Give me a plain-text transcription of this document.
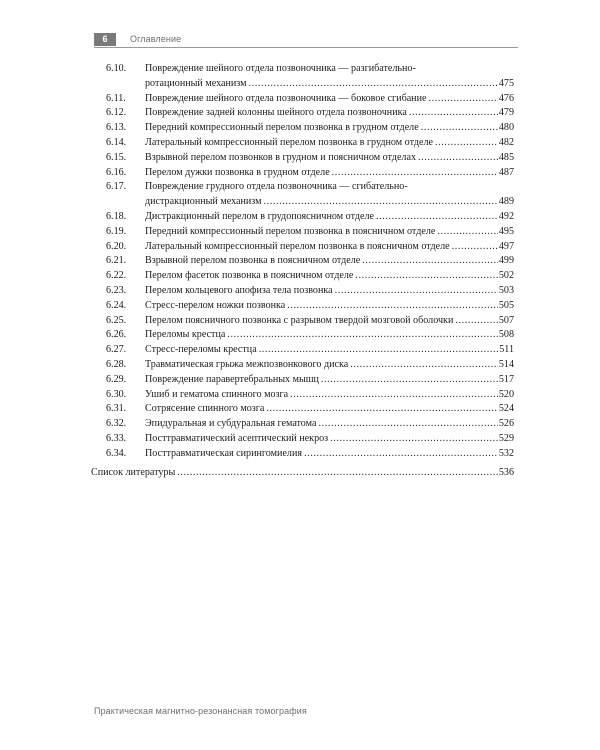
6	Оглавление
6.10. Повреждение шейного отдела позвоночника — разгибательно-
ротационный механизм .....	475
6.11. Повреждение шейного отдела позвоночника — боковое сгибание .....	476
6.12. Повреждение задней колонны шейного отдела позвоночника .....	479
6.13. Передний компрессионный перелом позвонка в грудном отделе .....	480
6.14. Латеральный компрессионный перелом позвонка в грудном отделе .....	482
6.15. Взрывной перелом позвонков в грудном и поясничном отделах .....	485
6.16. Перелом дужки позвонка в грудном отделе .....	487
6.17. Повреждение грудного отдела позвоночника — сгибательно-
дистракционный механизм .....	489
6.18. Дистракционный перелом в грудопоясничном отделе .....	492
6.19. Передний компрессионный перелом позвонка в поясничном отделе .....	495
6.20. Латеральный компрессионный перелом позвонка в поясничном отделе .....	497
6.21. Взрывной перелом позвонка в поясничном отделе .....	499
6.22. Перелом фасеток позвонка в поясничном отделе .....	502
6.23. Перелом кольцевого апофиза тела позвонка .....	503
6.24. Стресс-перелом ножки позвонка .....	505
6.25. Перелом поясничного позвонка с разрывом твердой мозговой оболочки .....	507
6.26. Переломы крестца .....	508
6.27. Стресс-переломы крестца .....	511
6.28. Травматическая грыжа межпозвонкового диска .....	514
6.29. Повреждение паравертебральных мышц .....	517
6.30. Ушиб и гематома спинного мозга .....	520
6.31. Сотрясение спинного мозга .....	524
6.32. Эпидуральная и субдуральная гематома .....	526
6.33. Посттравматический асептический некроз .....	529
6.34. Посттравматическая сирингомиелия .....	532
Список литературы .....	536
Практическая магнитно-резонансная томография
